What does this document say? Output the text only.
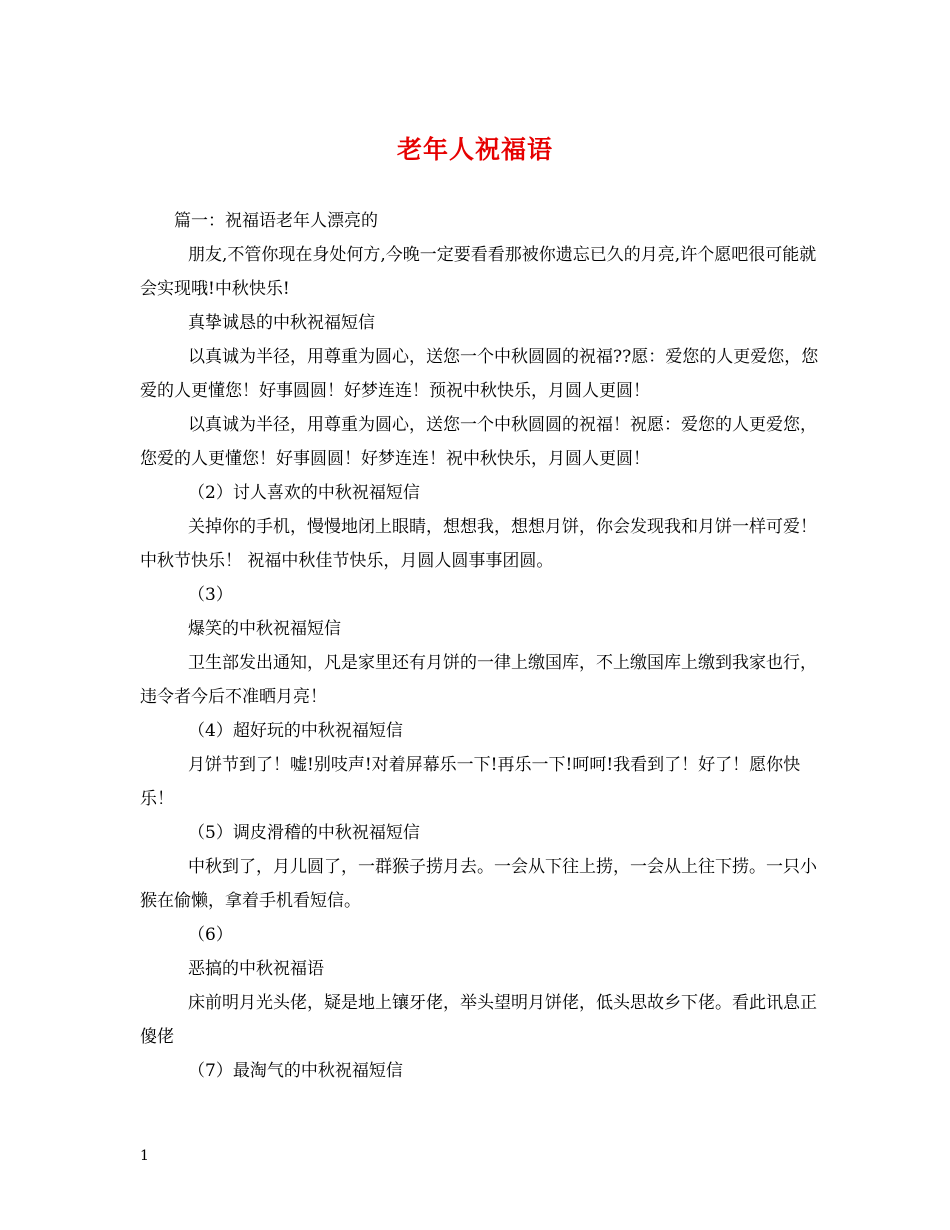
老年人祝福语

篇一：祝福语老年人漂亮的

朋友,不管你现在身处何方,今晚一定要看看那被你遗忘已久的月亮,许个愿吧很可能就会实现哦!中秋快乐!

真挚诚恳的中秋祝福短信

以真诚为半径，用尊重为圆心，送您一个中秋圆圆的祝福??愿：爱您的人更爱您，您爱的人更懂您！好事圆圆！好梦连连！预祝中秋快乐，月圆人更圆！

以真诚为半径，用尊重为圆心，送您一个中秋圆圆的祝福！祝愿：爱您的人更爱您，您爱的人更懂您！好事圆圆！好梦连连！祝中秋快乐，月圆人更圆！

（2）讨人喜欢的中秋祝福短信

关掉你的手机，慢慢地闭上眼睛，想想我，想想月饼，你会发现我和月饼一样可爱！中秋节快乐！ 祝福中秋佳节快乐，月圆人圆事事团圆。

（3）

爆笑的中秋祝福短信

卫生部发出通知，凡是家里还有月饼的一律上缴国库，不上缴国库上缴到我家也行，违令者今后不准晒月亮！

（4）超好玩的中秋祝福短信

月饼节到了！嘘!别吱声!对着屏幕乐一下!再乐一下!呵呵!我看到了！好了！愿你快乐！

（5）调皮滑稽的中秋祝福短信

中秋到了，月儿圆了，一群猴子捞月去。一会从下往上捞，一会从上往下捞。一只小猴在偷懒，拿着手机看短信。

（6）

恶搞的中秋祝福语

床前明月光头佬，疑是地上镶牙佬，举头望明月饼佬，低头思故乡下佬。看此讯息正傻佬

（7）最淘气的中秋祝福短信

1
